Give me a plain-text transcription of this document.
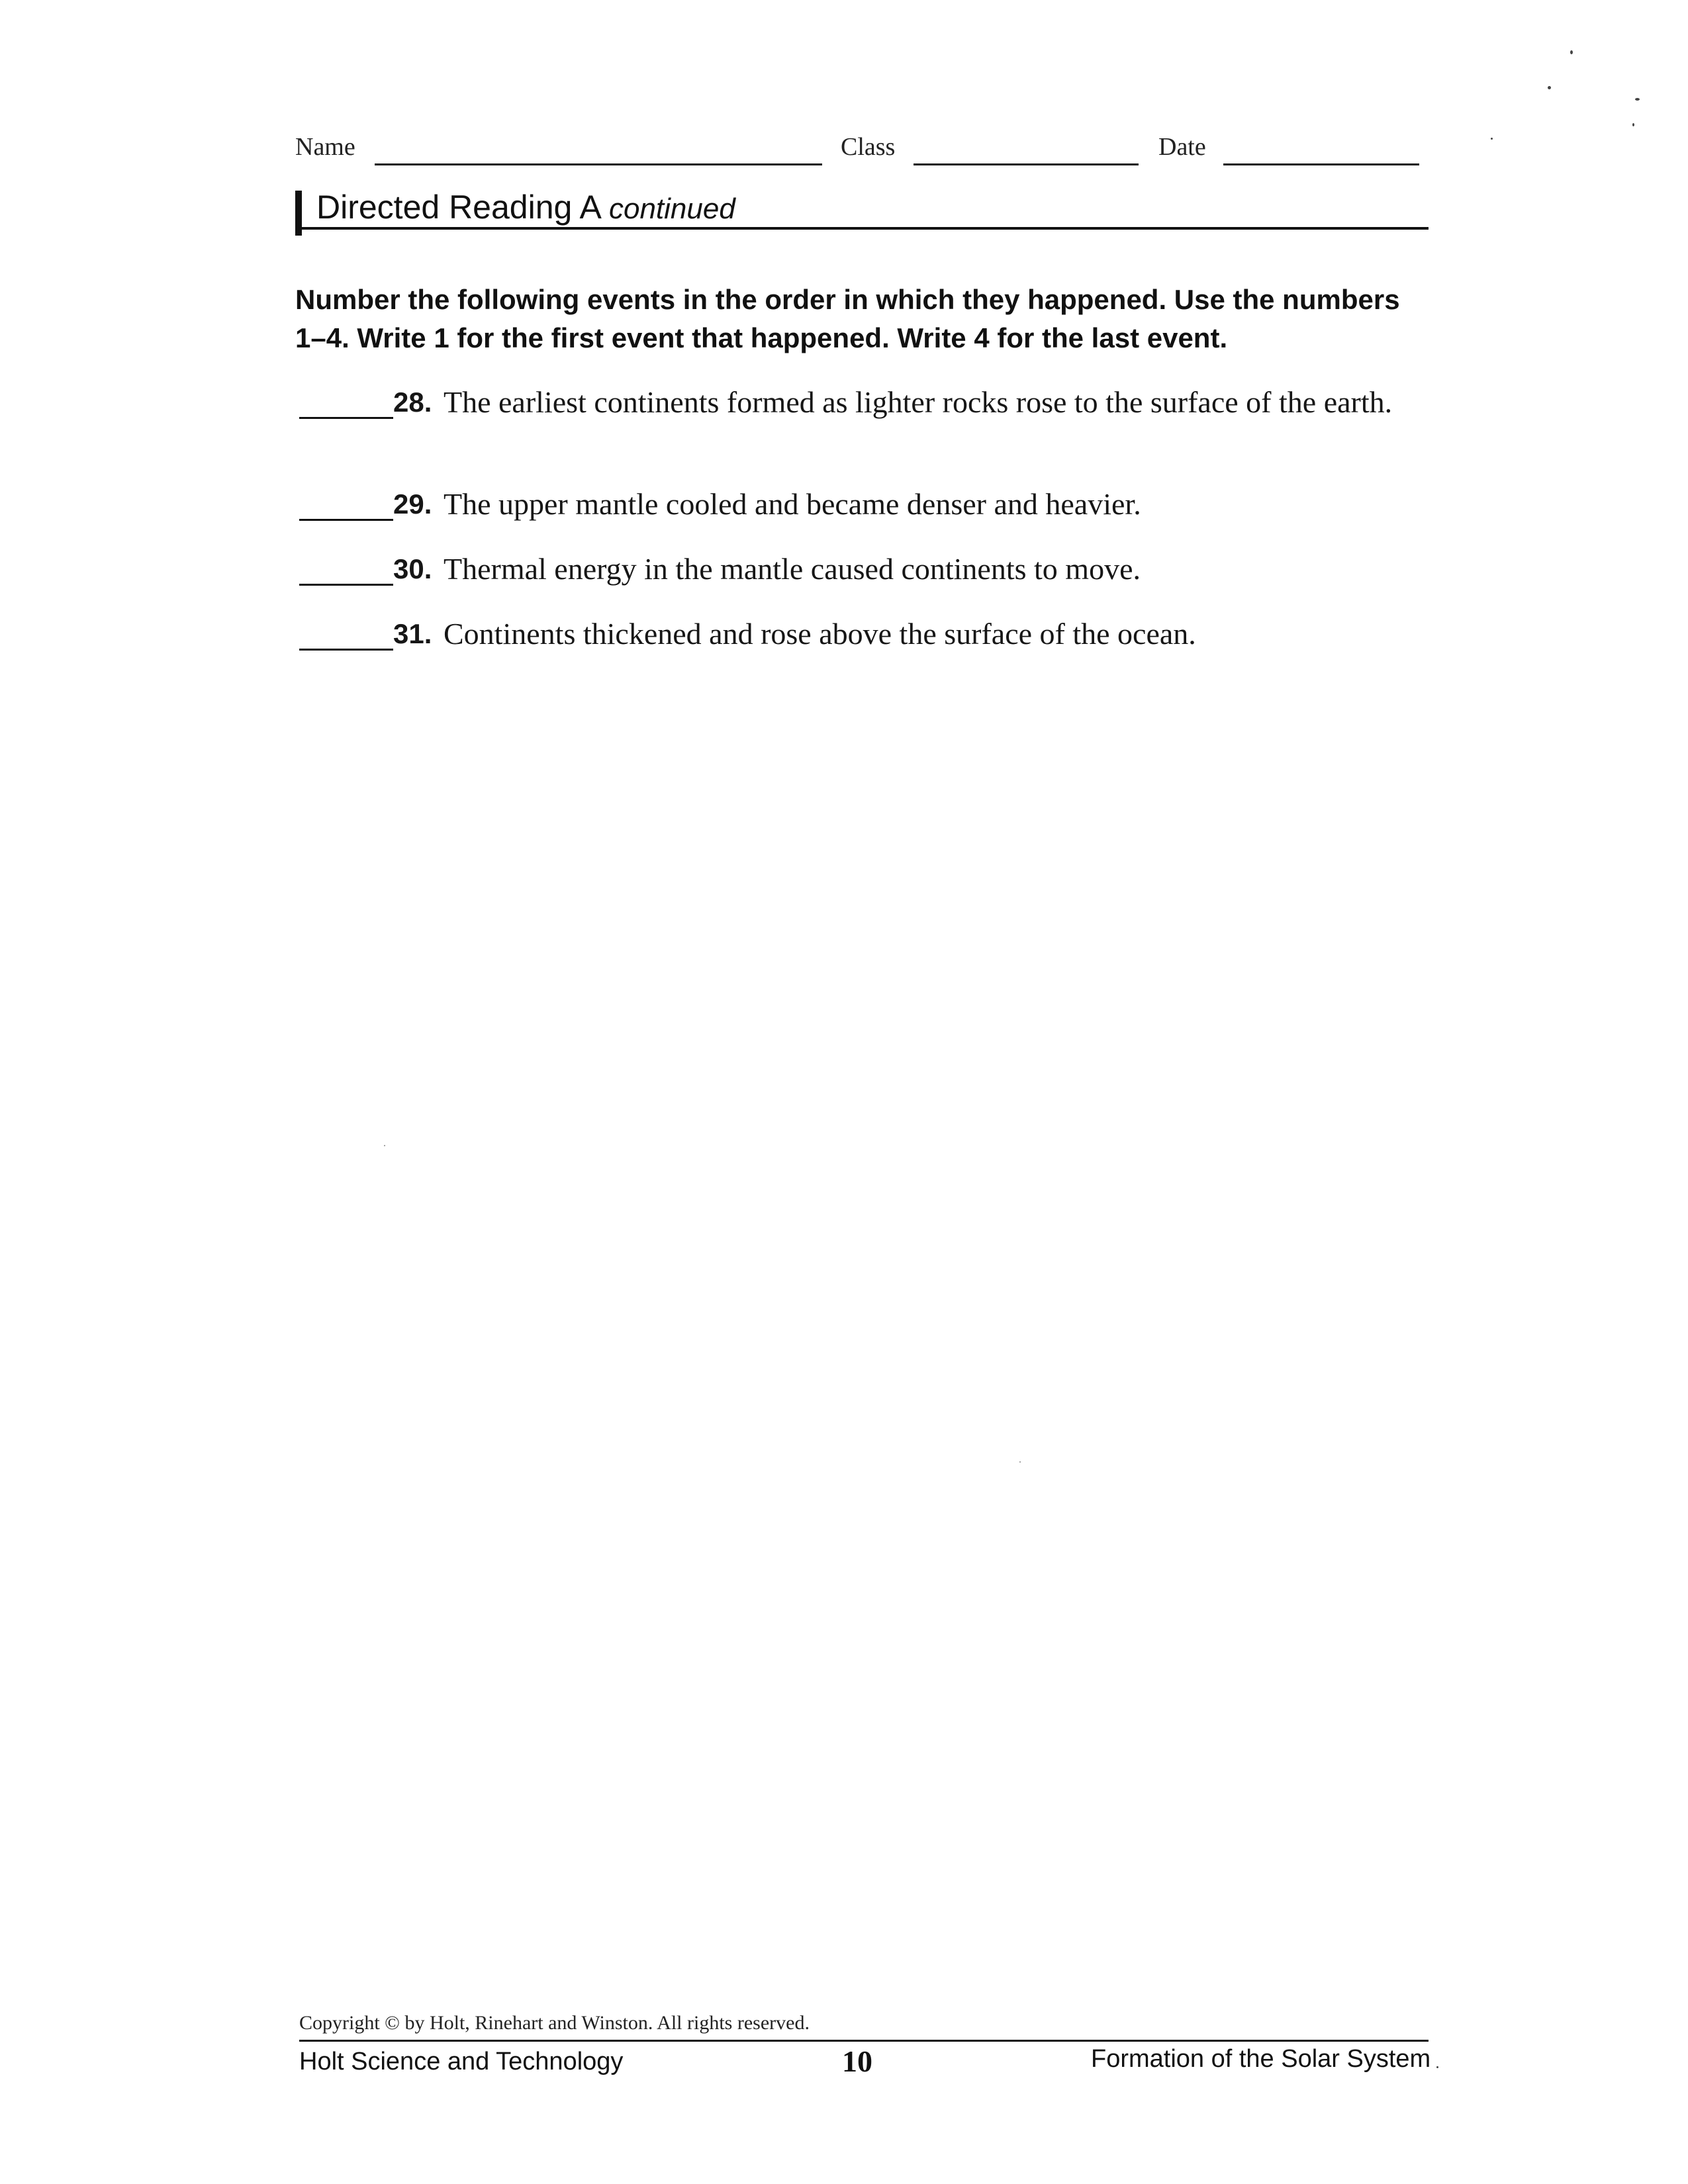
Name	Class	Date
Directed Reading A continued
Number the following events in the order in which they happened. Use the numbers 1–4. Write 1 for the first event that happened. Write 4 for the last event.
28. The earliest continents formed as lighter rocks rose to the surface of the earth.
29. The upper mantle cooled and became denser and heavier.
30. Thermal energy in the mantle caused continents to move.
31. Continents thickened and rose above the surface of the ocean.
Copyright © by Holt, Rinehart and Winston. All rights reserved.
Holt Science and Technology	10	Formation of the Solar System
